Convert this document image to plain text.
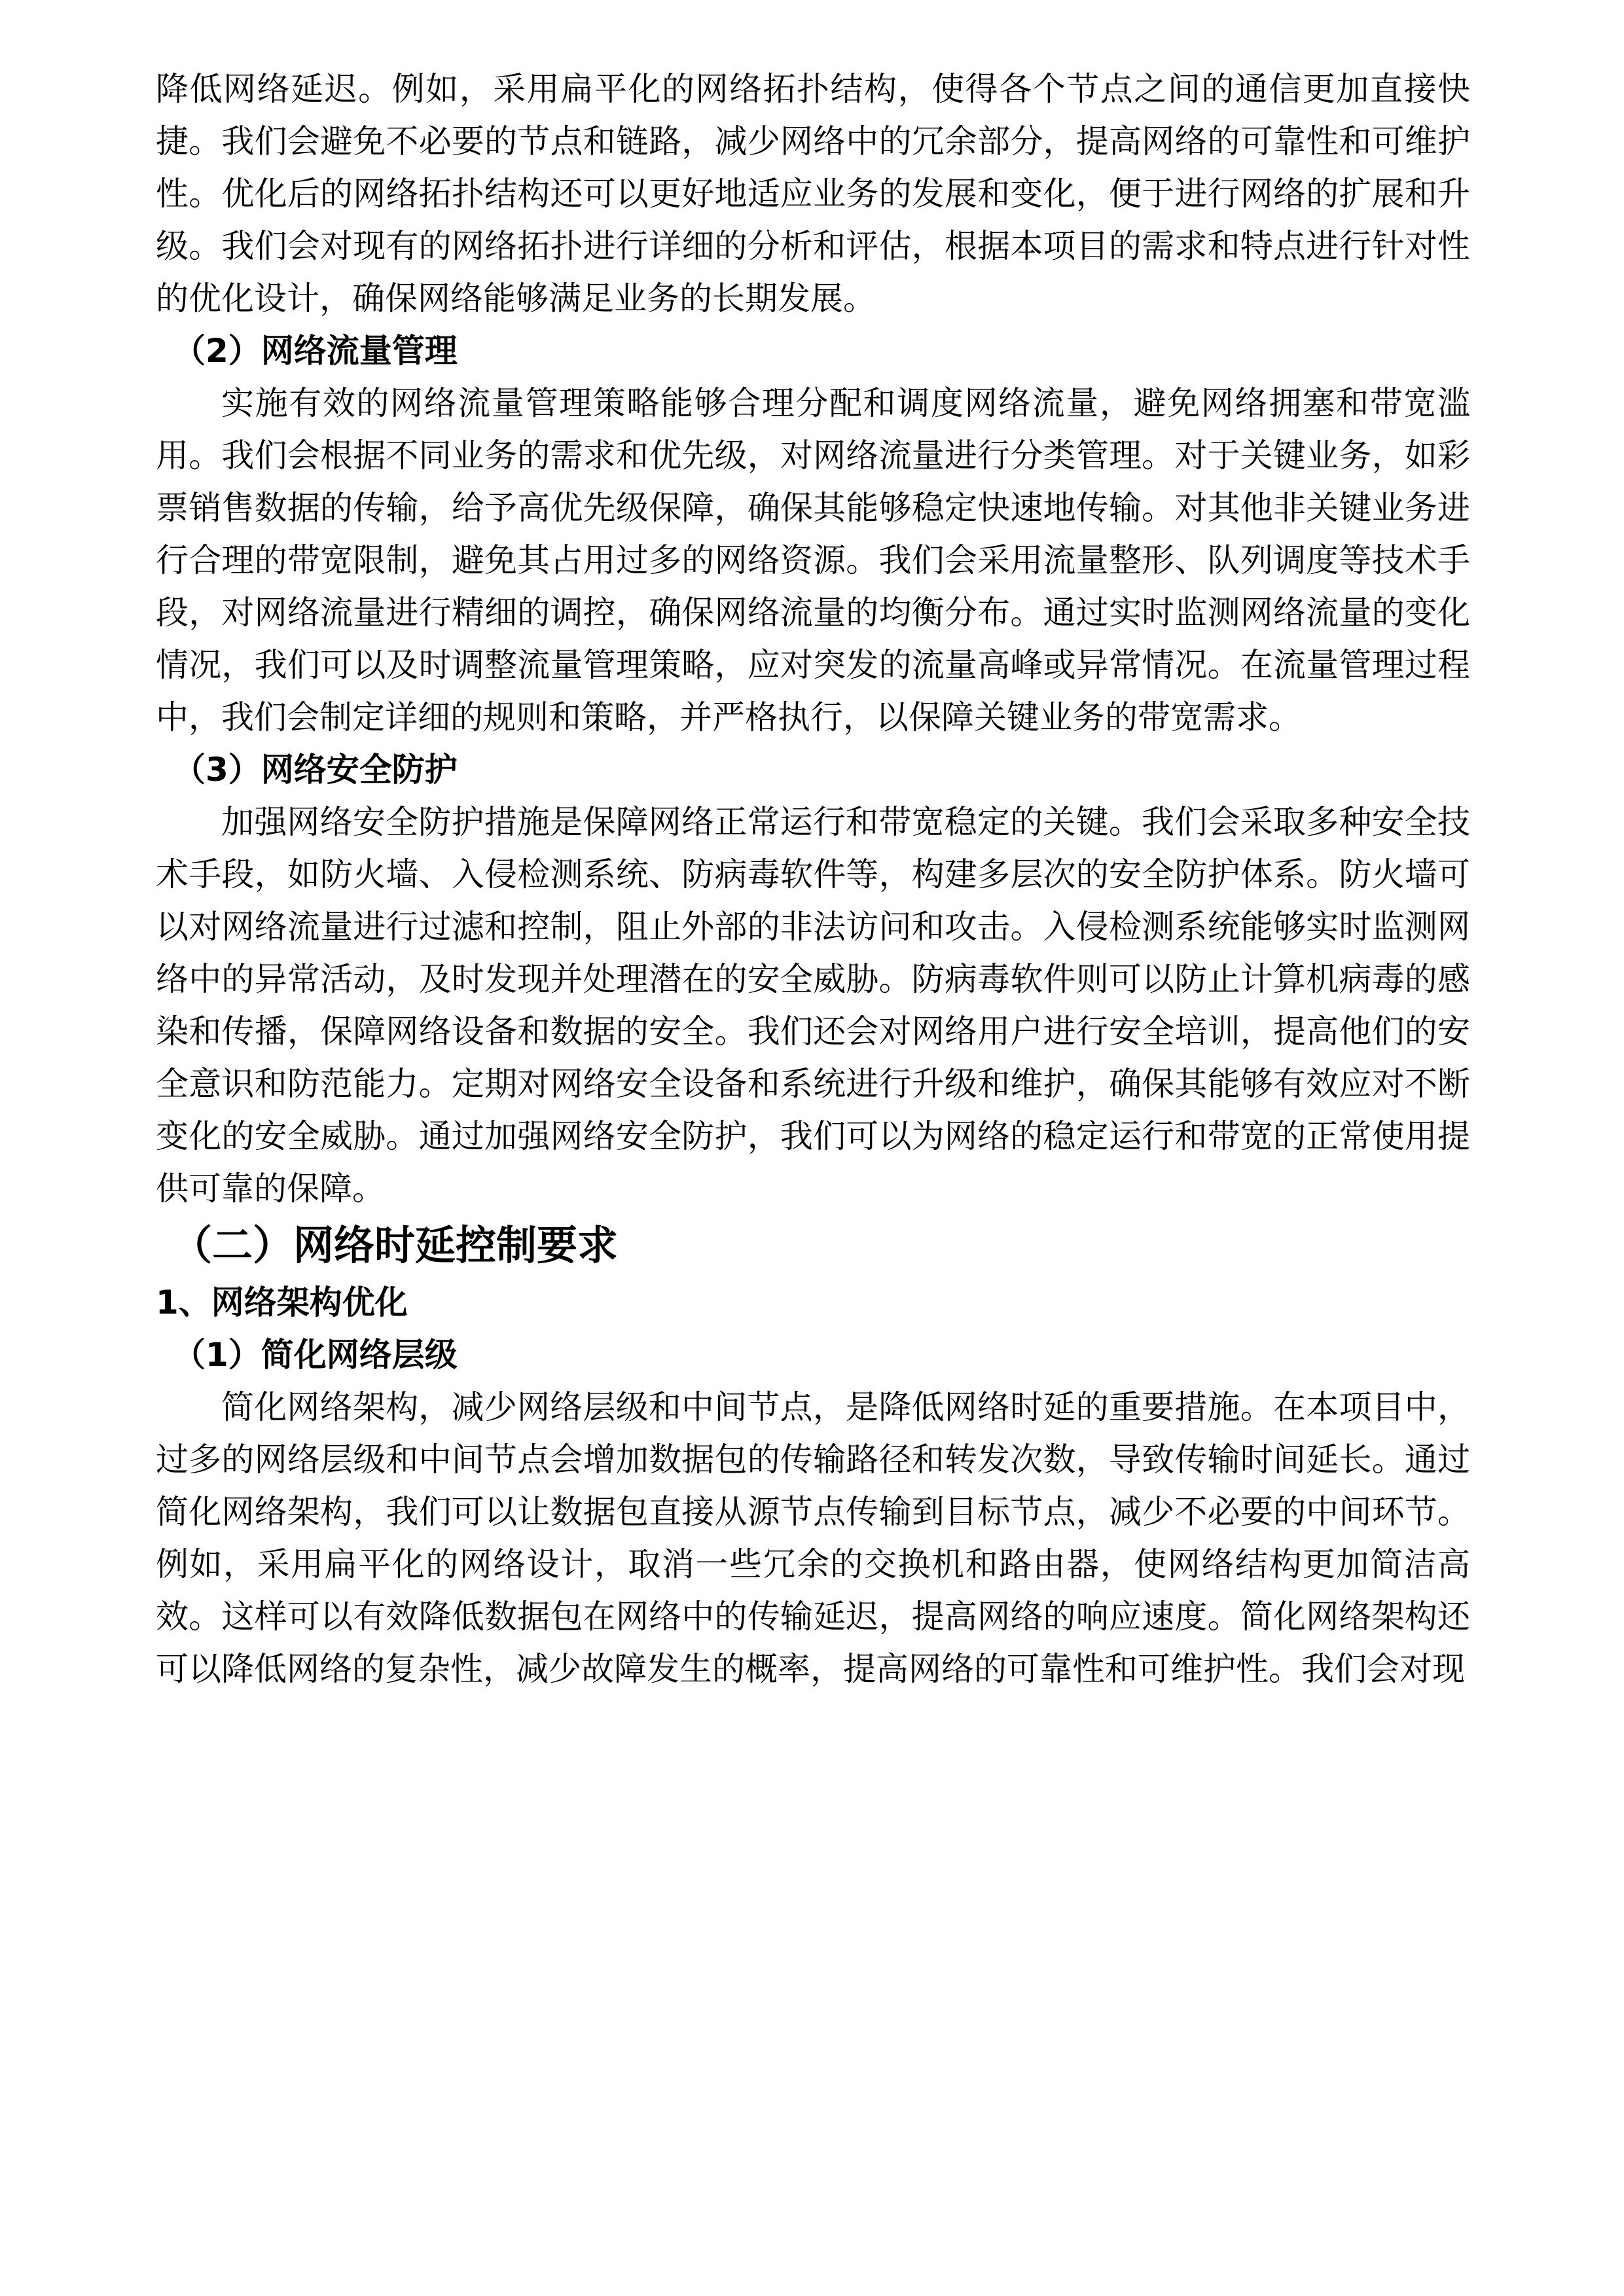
降低网络延迟。例如，采用扁平化的网络拓扑结构，使得各个节点之间的通信更加直接快捷。我们会避免不必要的节点和链路，减少网络中的冗余部分，提高网络的可靠性和可维护性。优化后的网络拓扑结构还可以更好地适应业务的发展和变化，便于进行网络的扩展和升级。我们会对现有的网络拓扑进行详细的分析和评估，根据本项目的需求和特点进行针对性的优化设计，确保网络能够满足业务的长期发展。

（2）网络流量管理

实施有效的网络流量管理策略能够合理分配和调度网络流量，避免网络拥塞和带宽滥用。我们会根据不同业务的需求和优先级，对网络流量进行分类管理。对于关键业务，如彩票销售数据的传输，给予高优先级保障，确保其能够稳定快速地传输。对其他非关键业务进行合理的带宽限制，避免其占用过多的网络资源。我们会采用流量整形、队列调度等技术手段，对网络流量进行精细的调控，确保网络流量的均衡分布。通过实时监测网络流量的变化情况，我们可以及时调整流量管理策略，应对突发的流量高峰或异常情况。在流量管理过程中，我们会制定详细的规则和策略，并严格执行，以保障关键业务的带宽需求。

（3）网络安全防护

加强网络安全防护措施是保障网络正常运行和带宽稳定的关键。我们会采取多种安全技术手段，如防火墙、入侵检测系统、防病毒软件等，构建多层次的安全防护体系。防火墙可以对网络流量进行过滤和控制，阻止外部的非法访问和攻击。入侵检测系统能够实时监测网络中的异常活动，及时发现并处理潜在的安全威胁。防病毒软件则可以防止计算机病毒的感染和传播，保障网络设备和数据的安全。我们还会对网络用户进行安全培训，提高他们的安全意识和防范能力。定期对网络安全设备和系统进行升级和维护，确保其能够有效应对不断变化的安全威胁。通过加强网络安全防护，我们可以为网络的稳定运行和带宽的正常使用提供可靠的保障。

（二）网络时延控制要求
1、网络架构优化
（1）简化网络层级

简化网络架构，减少网络层级和中间节点，是降低网络时延的重要措施。在本项目中，过多的网络层级和中间节点会增加数据包的传输路径和转发次数，导致传输时间延长。通过简化网络架构，我们可以让数据包直接从源节点传输到目标节点，减少不必要的中间环节。例如，采用扁平化的网络设计，取消一些冗余的交换机和路由器，使网络结构更加简洁高效。这样可以有效降低数据包在网络中的传输延迟，提高网络的响应速度。简化网络架构还可以降低网络的复杂性，减少故障发生的概率，提高网络的可靠性和可维护性。我们会对现
